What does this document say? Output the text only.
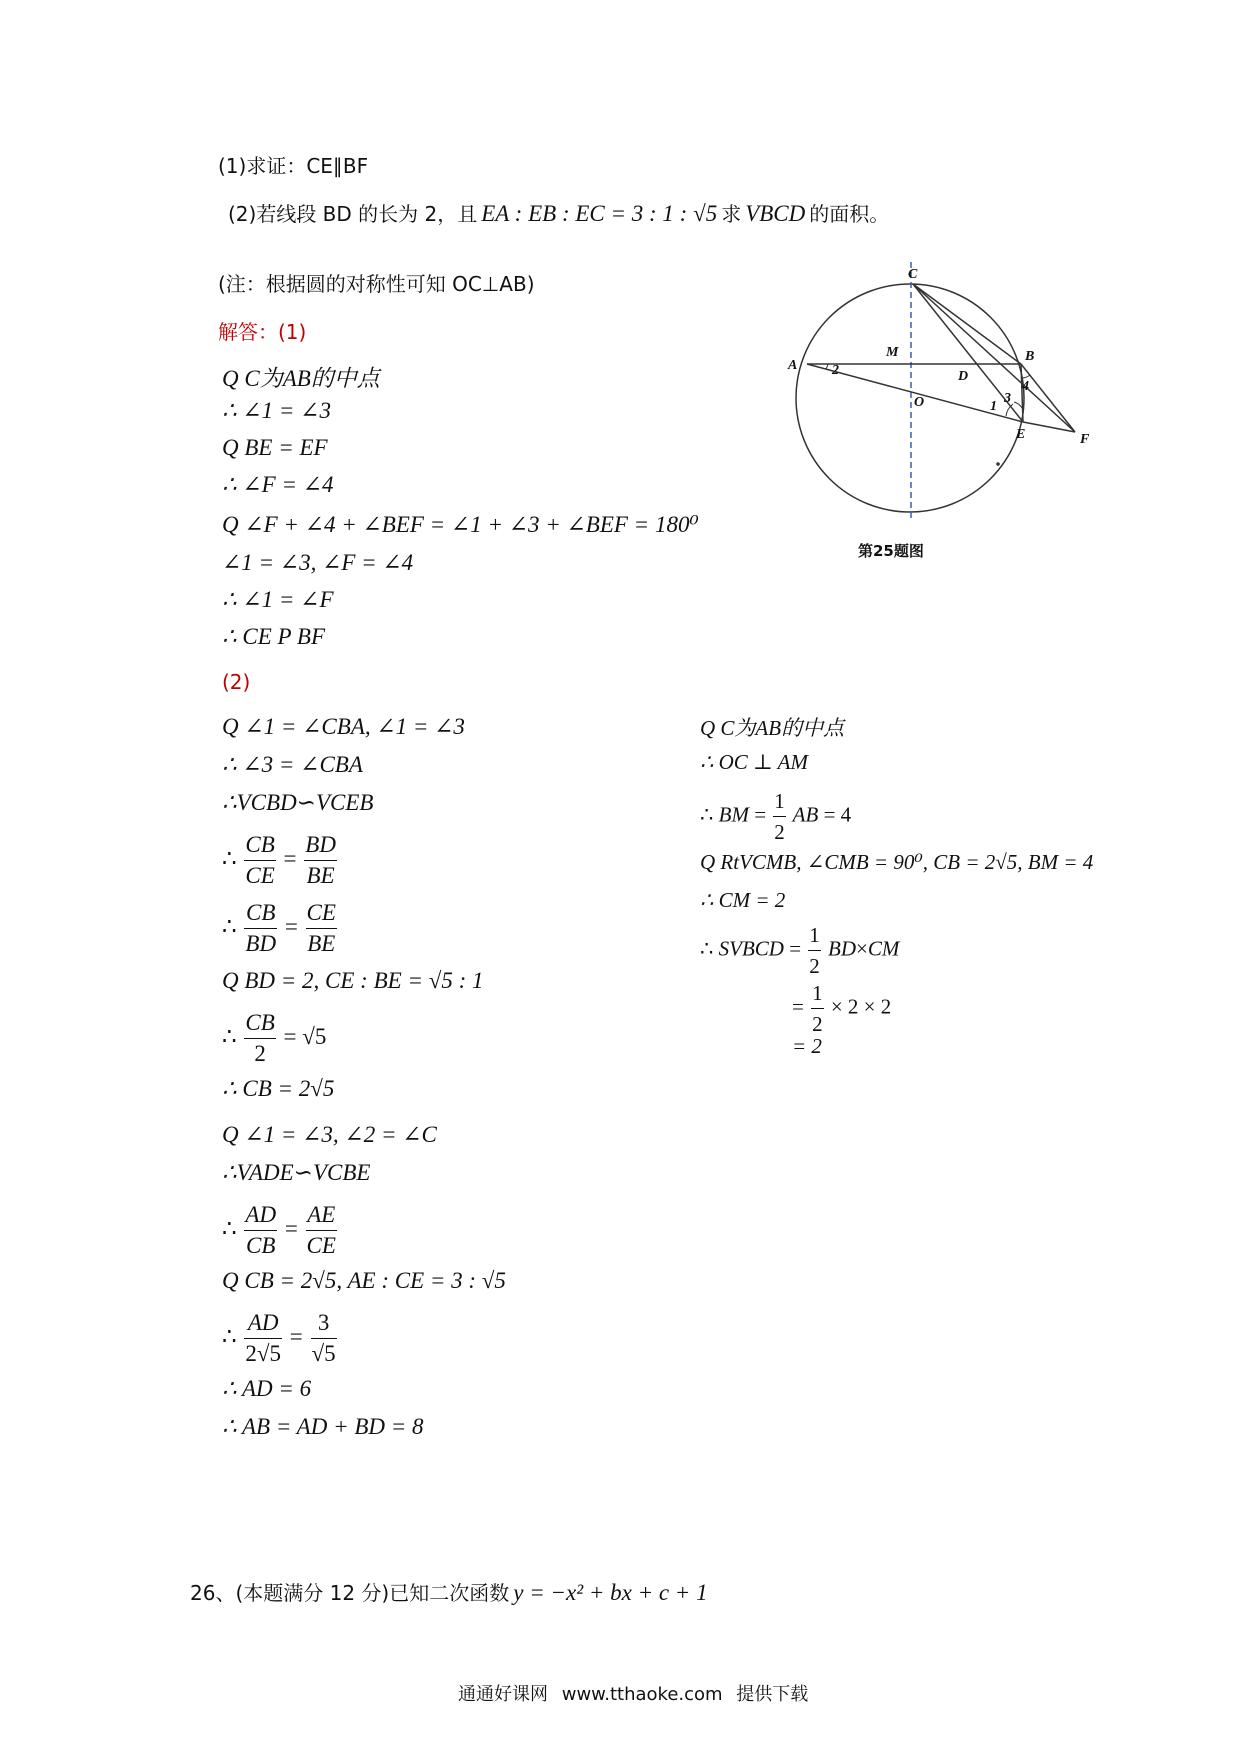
(1)求证：CE∥BF
(2)若线段 BD 的长为 2，且 EA : EB : EC = 3 : 1 : √5 求 VBCD 的面积。
(注：根据圆的对称性可知 OC⊥AB)
解答：(1)
Q C为AB的中点
∴ ∠1 = ∠3
Q BE = EF
∴ ∠F = ∠4
Q ∠F + ∠4 + ∠BEF = ∠1 + ∠3 + ∠BEF = 180⁰
∠1 = ∠3, ∠F = ∠4
∴ ∠1 = ∠F
∴ CE P BF
(2)
Q ∠1 = ∠CBA, ∠1 = ∠3
∴ ∠3 = ∠CBA
∴VCBD∽VCEB
∴ $\frac{CB}{CE} = \frac{BD}{BE}$
∴ $\frac{CB}{BD} = \frac{CE}{BE}$
Q BD = 2, CE : BE = √5 : 1
∴ $\frac{CB}{2} = √5$
∴ CB = 2√5
Q ∠1 = ∠3, ∠2 = ∠C
∴VADE∽VCBE
∴ $\frac{AD}{CB} = \frac{AE}{CE}$
Q CB = 2√5, AE : CE = 3 : √5
∴ $\frac{AD}{2√5} = \frac{3}{√5}$
∴ AD = 6
∴ AB = AD + BD = 8
Q C为AB的中点
∴ OC ⊥ AM
∴ BM = $\frac{1}{2}$ AB = 4
Q RtVCMB, ∠CMB = 90⁰, CB = 2√5, BM = 4
∴ CM = 2
∴ SVBCD = $\frac{1}{2} BD\times CM$
= $\frac{1}{2} \times 2 \times 2$
= 2
C
A
B
M
D
O
E	F
2
1
3
4
第25题图
26、(本题满分 12 分)已知二次函数 y = −x² + bx + c + 1
通通好课网 www.tthaoke.com 提供下载
